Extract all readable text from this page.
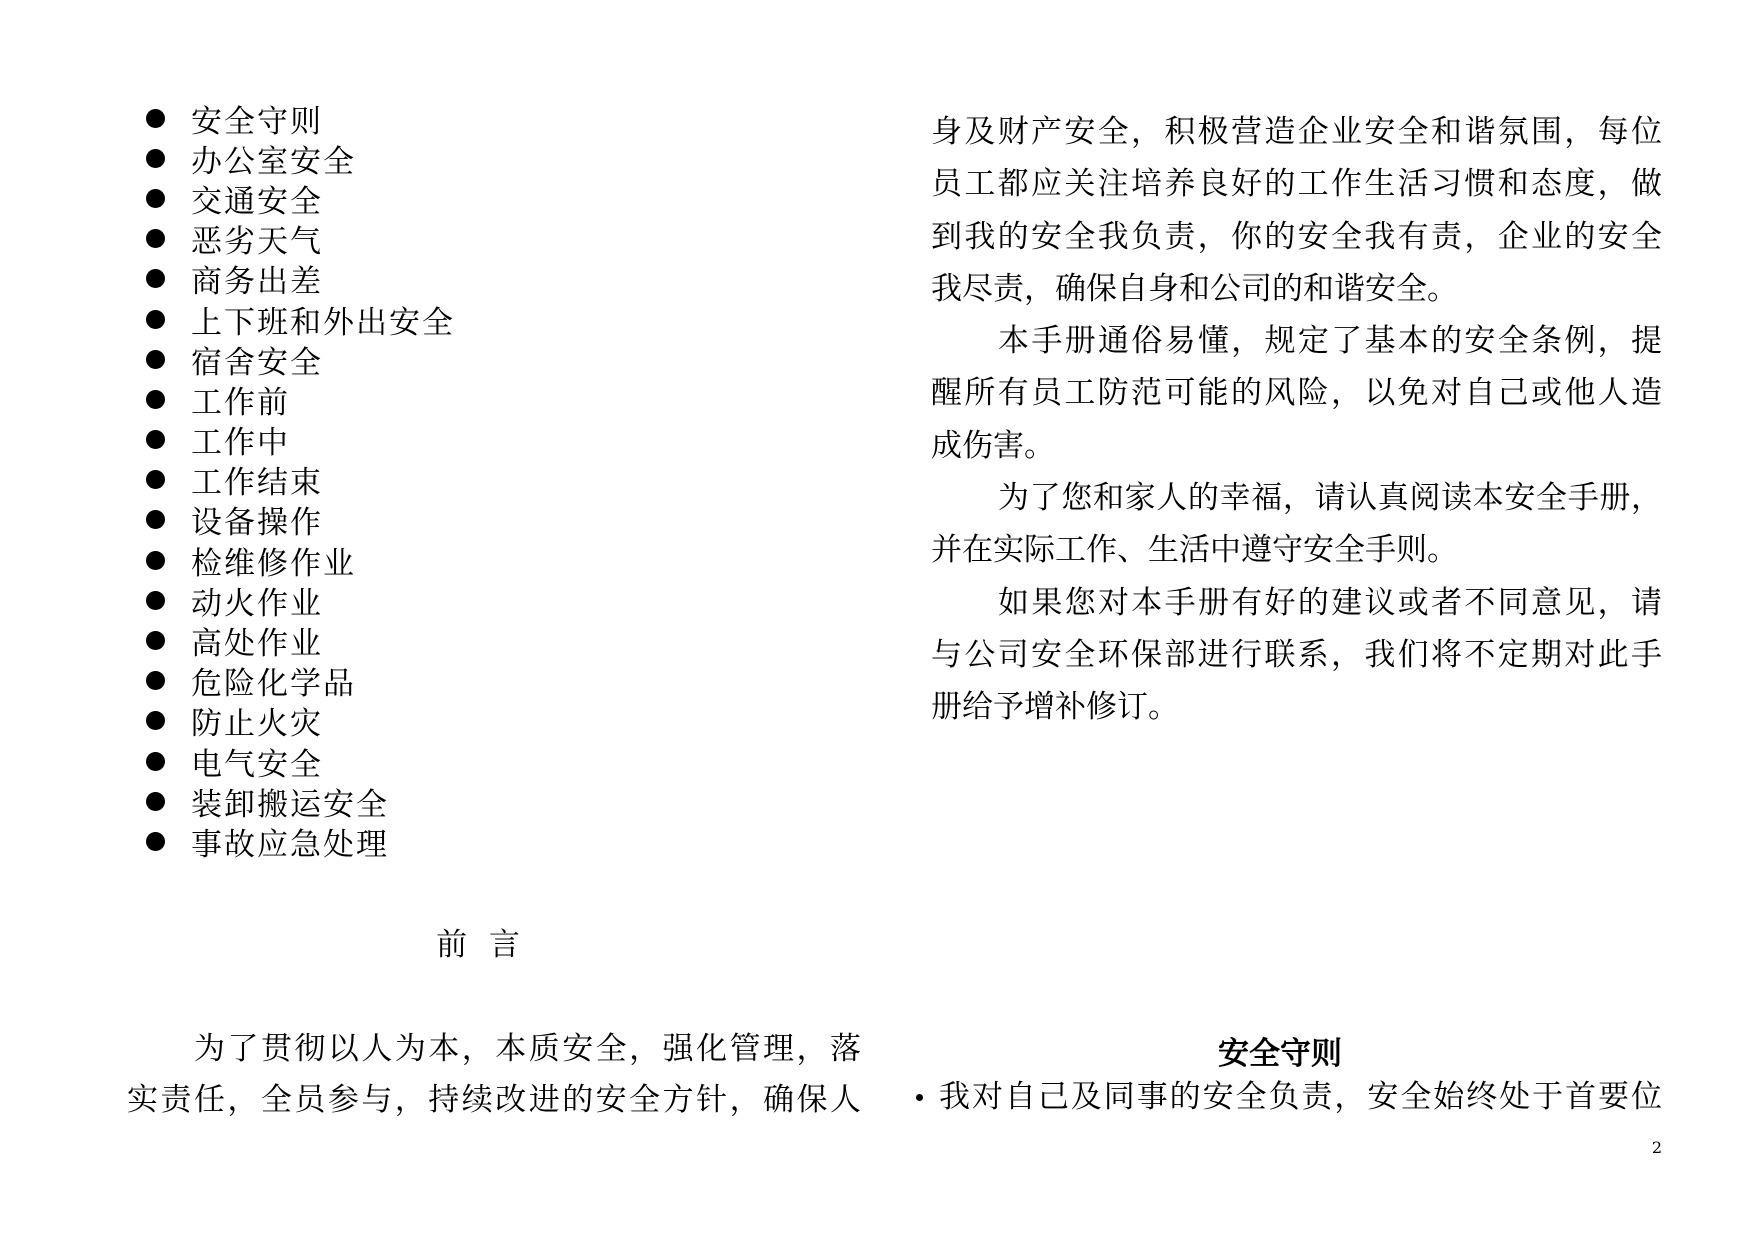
安全守则
办公室安全
交通安全
恶劣天气
商务出差
上下班和外出安全
宿舍安全
工作前
工作中
工作结束
设备操作
检维修作业
动火作业
高处作业
危险化学品
防止火灾
电气安全
装卸搬运安全
事故应急处理
前 言
为了贯彻以人为本，本质安全，强化管理，落
实责任，全员参与，持续改进的安全方针，确保人
身及财产安全，积极营造企业安全和谐氛围，每位
员工都应关注培养良好的工作生活习惯和态度，做
到我的安全我负责，你的安全我有责，企业的安全
我尽责，确保自身和公司的和谐安全。
本手册通俗易懂，规定了基本的安全条例，提
醒所有员工防范可能的风险，以免对自己或他人造
成伤害。
为了您和家人的幸福，请认真阅读本安全手册，
并在实际工作、生活中遵守安全手则。
如果您对本手册有好的建议或者不同意见，请
与公司安全环保部进行联系，我们将不定期对此手
册给予增补修订。
安全守则
我对自己及同事的安全负责，安全始终处于首要位
2
